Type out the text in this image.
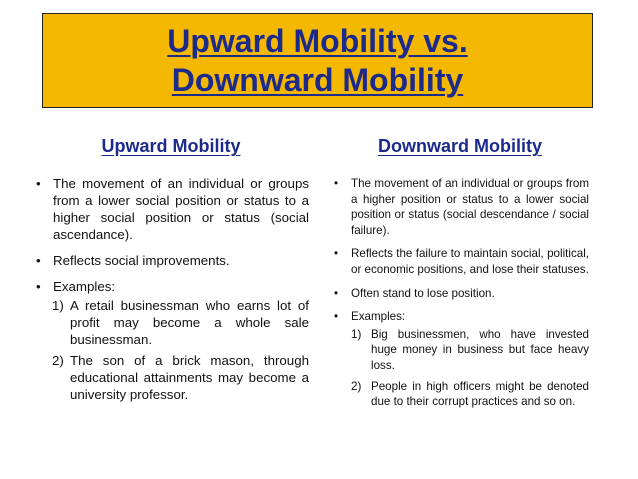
Upward Mobility vs. Downward Mobility
Upward Mobility
• The movement of an individual or groups from a lower social position or status to a higher social position or status (social ascendance).
• Reflects social improvements.
• Examples:
1) A retail businessman who earns lot of profit may become a whole sale businessman.
2) The son of a brick mason, through educational attainments may become a university professor.
Downward Mobility
• The movement of an individual or groups from a higher position or status to a lower social position or status (social descendance / social failure).
• Reflects the failure to maintain social, political, or economic positions, and lose their statuses.
• Often stand to lose position.
• Examples:
1) Big businessmen, who have invested huge money in business but face heavy loss.
2) People in high officers might be denoted due to their corrupt practices and so on.
